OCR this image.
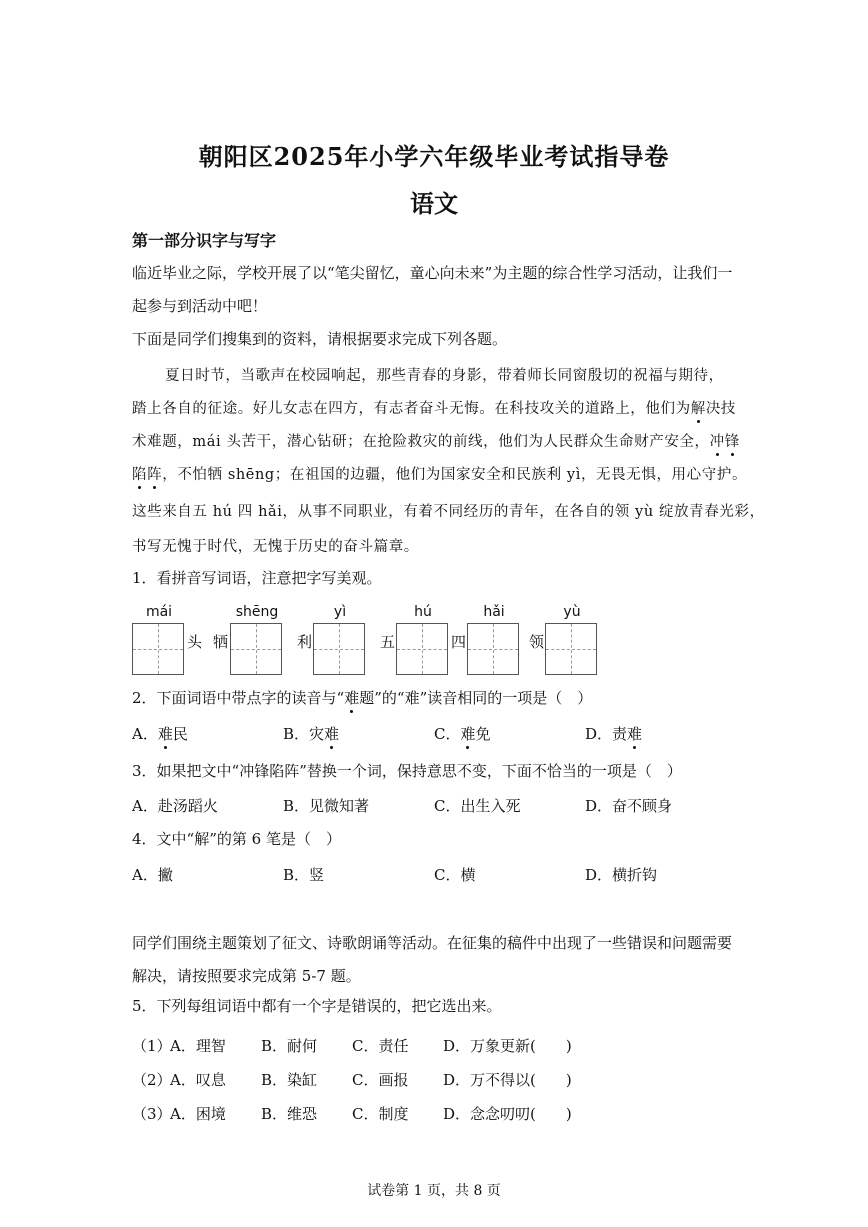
朝阳区2025年小学六年级毕业考试指导卷
语文
第一部分识字与写字
临近毕业之际，学校开展了以“笔尖留忆，童心向未来”为主题的综合性学习活动，让我们一
起参与到活动中吧！
下面是同学们搜集到的资料，请根据要求完成下列各题。
夏日时节，当歌声在校园响起，那些青春的身影，带着师长同窗殷切的祝福与期待，
踏上各自的征途。好儿女志在四方，有志者奋斗无悔。在科技攻关的道路上，他们为解决技
术难题，mái 头苦干，潜心钻研；在抢险救灾的前线，他们为人民群众生命财产安全，冲锋
陷阵，不怕牺 shēng；在祖国的边疆，他们为国家安全和民族利 yì，无畏无惧，用心守护。
这些来自五 hú 四 hǎi，从事不同职业，有着不同经历的青年，在各自的领 yù 绽放青春光彩，
书写无愧于时代，无愧于历史的奋斗篇章。
1．看拼音写词语，注意把字写美观。
mái	shēng	yì	hú	hǎi	yù
头 牺	利	五	四	领
2．下面词语中带点字的读音与“难题”的“难”读音相同的一项是（　）
A．难民	B．灾难	C．难免	D．责难
3．如果把文中“冲锋陷阵”替换一个词，保持意思不变，下面不恰当的一项是（　）
A．赴汤蹈火	B．见微知著	C．出生入死	D．奋不顾身
4．文中“解”的第 6 笔是（　）
A．撇	B．竖	C．横	D．横折钩
同学们围绕主题策划了征文、诗歌朗诵等活动。在征集的稿件中出现了一些错误和问题需要
解决，请按照要求完成第 5-7 题。
5．下列每组词语中都有一个字是错误的，把它选出来。
（1）
A．理智 B．耐何 C．责任 D．万象更新(　　)
（2）
A．叹息 B．染缸 C．画报 D．万不得以(　　)
（3）
A．困境 B．维恐 C．制度 D．念念叨叨(　　)
试卷第 1 页，共 8 页
